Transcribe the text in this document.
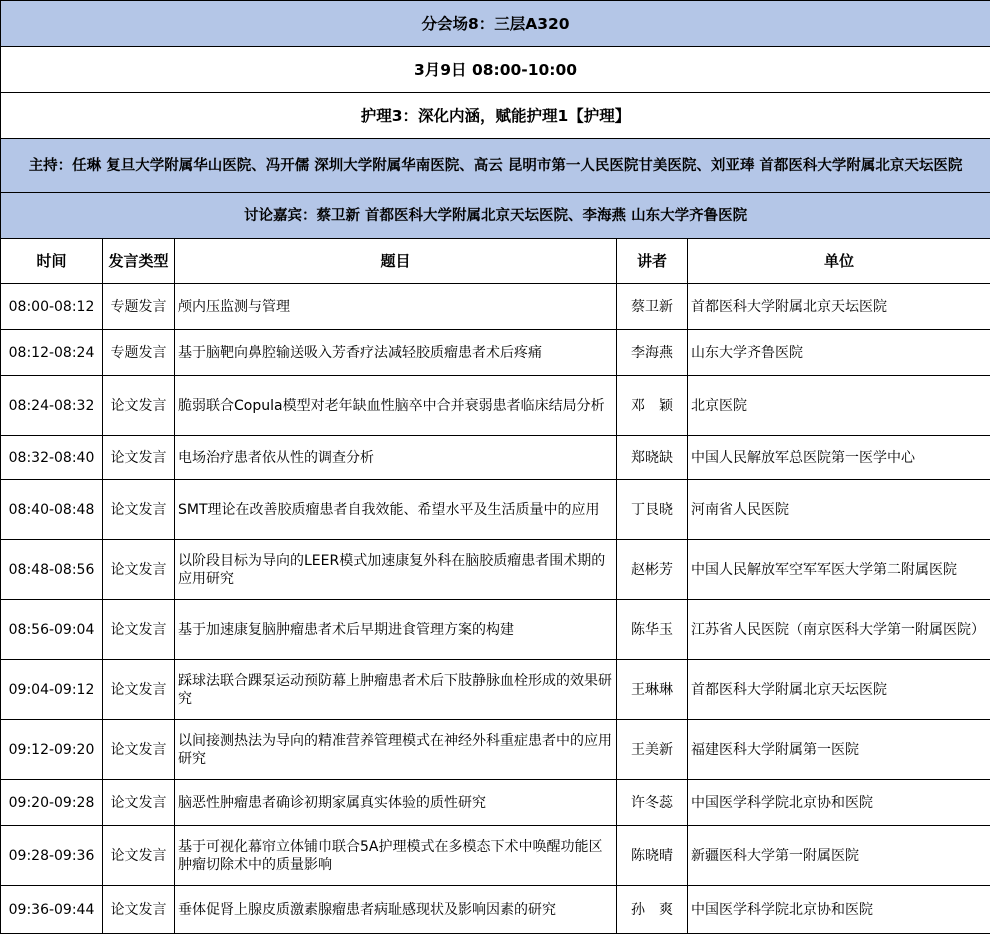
分会场8：三层A320				
3月9日 08:00-10:00				
护理3：深化内涵，赋能护理1【护理】				
主持：任琳 复旦大学附属华山医院、冯开儒 深圳大学附属华南医院、高云 昆明市第一人民医院甘美医院、刘亚琫 首都医科大学附属北京天坛医院				
讨论嘉宾：蔡卫新 首都医科大学附属北京天坛医院、李海燕 山东大学齐鲁医院				
时间	发言类型	题目	讲者	单位
08:00-08:12	专题发言	颅内压监测与管理	蔡卫新	首都医科大学附属北京天坛医院
08:12-08:24	专题发言	基于脑靶向鼻腔输送吸入芳香疗法减轻胶质瘤患者术后疼痛	李海燕	山东大学齐鲁医院
08:24-08:32	论文发言	脆弱联合Copula模型对老年缺血性脑卒中合并衰弱患者临床结局分析	邓　颖	北京医院
08:32-08:40	论文发言	电场治疗患者依从性的调查分析	郑晓缺	中国人民解放军总医院第一医学中心
08:40-08:48	论文发言	SMT理论在改善胶质瘤患者自我效能、希望水平及生活质量中的应用	丁艮晓	河南省人民医院
08:48-08:56	论文发言	以阶段目标为导向的LEER模式加速康复外科在脑胶质瘤患者围术期的应用研究	赵彬芳	中国人民解放军空军军医大学第二附属医院
08:56-09:04	论文发言	基于加速康复脑肿瘤患者术后早期进食管理方案的构建	陈华玉	江苏省人民医院（南京医科大学第一附属医院）
09:04-09:12	论文发言	踩球法联合踝泵运动预防幕上肿瘤患者术后下肢静脉血栓形成的效果研究	王琳琳	首都医科大学附属北京天坛医院
09:12-09:20	论文发言	以间接测热法为导向的精准营养管理模式在神经外科重症患者中的应用研究	王美新	福建医科大学附属第一医院
09:20-09:28	论文发言	脑恶性肿瘤患者确诊初期家属真实体验的质性研究	许冬蕊	中国医学科学院北京协和医院
09:28-09:36	论文发言	基于可视化幕帘立体铺巾联合5A护理模式在多模态下术中唤醒功能区肿瘤切除术中的质量影响	陈晓晴	新疆医科大学第一附属医院
09:36-09:44	论文发言	垂体促肾上腺皮质激素腺瘤患者病耻感现状及影响因素的研究	孙　爽	中国医学科学院北京协和医院
